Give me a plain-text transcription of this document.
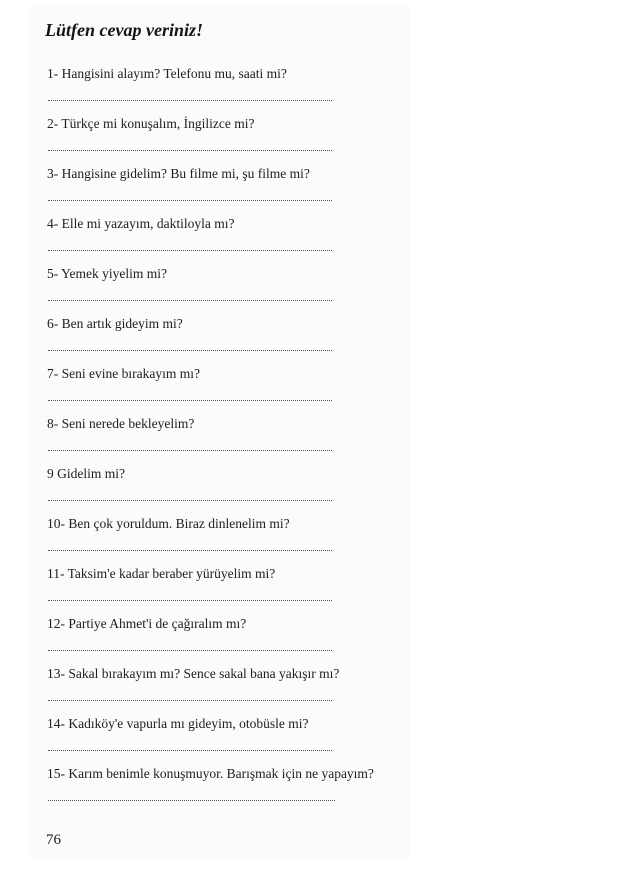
Lütfen cevap veriniz!
1- Hangisini alayım? Telefonu mu, saati mi?
2- Türkçe mi konuşalım, İngilizce mi?
3- Hangisine gidelim? Bu filme mi, şu filme mi?
4- Elle mi yazayım, daktiloyla mı?
5- Yemek yiyelim mi?
6- Ben artık gideyim mi?
7- Seni evine bırakayım mı?
8- Seni nerede bekleyelim?
9 Gidelim mi?
10- Ben çok yoruldum. Biraz dinlenelim mi?
11- Taksim'e kadar beraber yürüyelim mi?
12- Partiye Ahmet'i de çağıralım mı?
13- Sakal bırakayım mı? Sence sakal bana yakışır mı?
14- Kadıköy'e vapurla mı gideyim, otobüsle mi?
15- Karım benimle konuşmuyor. Barışmak için ne yapayım?
76
